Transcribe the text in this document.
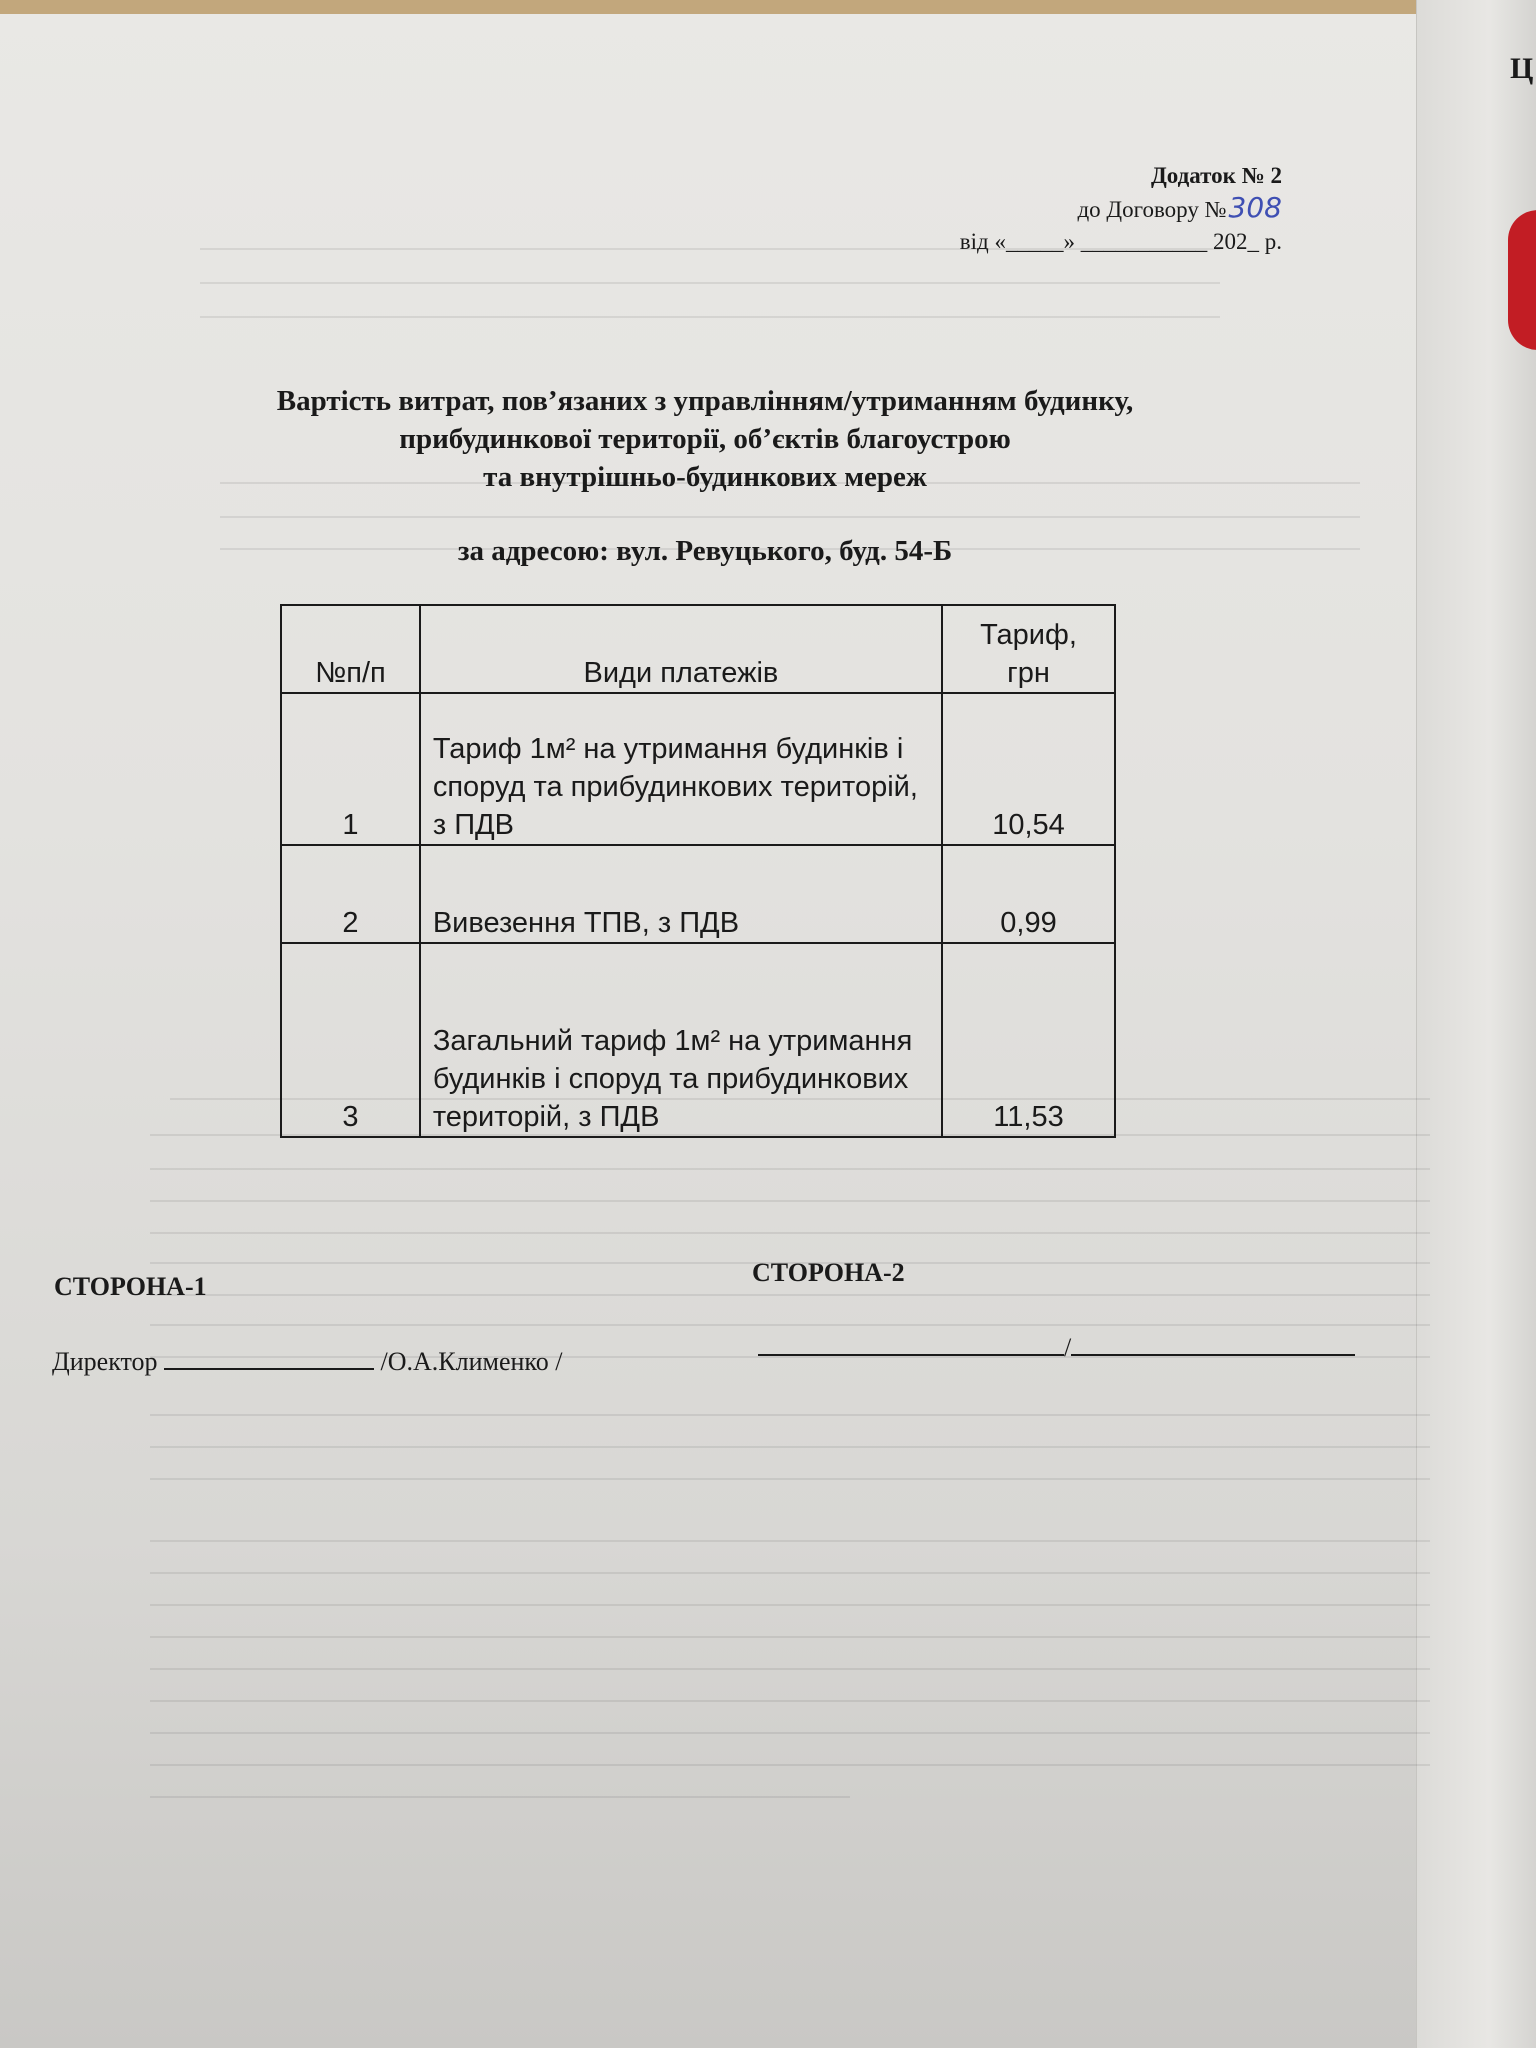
Ц
Додаток № 2
до Договору №308
від «_____» ___________ 202_ р.
Вартість витрат, пов’язаних з управлінням/утриманням будинку,
прибудинкової території, об’єктів благоустрою
та внутрішньо-будинкових мереж
за адресою: вул. Ревуцького, буд. 54-Б
№п/п	Види платежів	Тариф,
грн

1	Тариф 1м² на утримання будинків і споруд та прибудинкових територій, з ПДВ	10,54
2	Вивезення ТПВ, з ПДВ	0,99
3	Загальний тариф 1м² на утримання будинків і споруд та прибудинкових територій, з ПДВ	11,53
СТОРОНА-1	СТОРОНА-2
Директор	/О.А.Клименко /	/
